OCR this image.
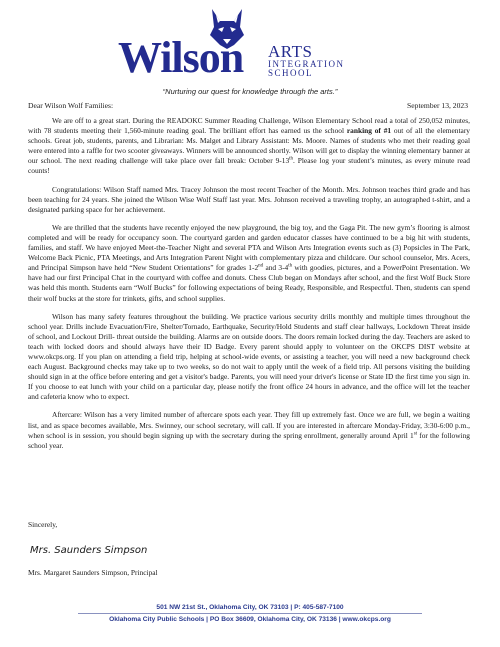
Wilson ARTS
INTEGRATION
SCHOOL
“Nurturing our quest for knowledge through the arts.”
Dear Wilson Wolf Families:	September 13, 2023

We are off to a great start. During the READOKC Summer Reading Challenge, Wilson Elementary School read a total of 250,052 minutes, with 78 students meeting their 1,560-minute reading goal. The brilliant effort has earned us the school ranking of #1 out of all the elementary schools. Great job, students, parents, and Librarian: Ms. Malget and Library Assistant: Ms. Moore. Names of students who met their reading goal were entered into a raffle for two scooter giveaways. Winners will be announced shortly. Wilson will get to display the winning elementary banner at our school. The next reading challenge will take place over fall break: October 9-13th. Please log your student’s minutes, as every minute read counts!

Congratulations: Wilson Staff named Mrs. Tracey Johnson the most recent Teacher of the Month. Mrs. Johnson teaches third grade and has been teaching for 24 years. She joined the Wilson Wise Wolf Staff last year. Mrs. Johnson received a traveling trophy, an autographed t-shirt, and a designated parking space for her achievement.

We are thrilled that the students have recently enjoyed the new playground, the big toy, and the Gaga Pit. The new gym’s flooring is almost completed and will be ready for occupancy soon. The courtyard garden and garden educator classes have continued to be a big hit with students, families, and staff. We have enjoyed Meet-the-Teacher Night and several PTA and Wilson Arts Integration events such as (3) Popsicles in The Park, Welcome Back Picnic, PTA Meetings, and Arts Integration Parent Night with complementary pizza and childcare. Our school counselor, Mrs. Acers, and Principal Simpson have held “New Student Orientations” for grades 1-2nd and 3-4th with goodies, pictures, and a PowerPoint Presentation. We have had our first Principal Chat in the courtyard with coffee and donuts. Chess Club began on Mondays after school, and the first Wolf Buck Store was held this month. Students earn “Wolf Bucks” for following expectations of being Ready, Responsible, and Respectful. Then, students can spend their wolf bucks at the store for trinkets, gifts, and school supplies.

Wilson has many safety features throughout the building. We practice various security drills monthly and multiple times throughout the school year. Drills include Evacuation/Fire, Shelter/Tornado, Earthquake, Security/Hold Students and staff clear hallways, Lockdown Threat inside of school, and Lockout Drill- threat outside the building. Alarms are on outside doors. The doors remain locked during the day. Teachers are asked to teach with locked doors and should always have their ID Badge. Every parent should apply to volunteer on the OKCPS DIST website at www.okcps.org. If you plan on attending a field trip, helping at school-wide events, or assisting a teacher, you will need a new background check each August. Background checks may take up to two weeks, so do not wait to apply until the week of a field trip. All persons visiting the building should sign in at the office before entering and get a visitor's badge. Parents, you will need your driver's license or State ID the first time you sign in. If you choose to eat lunch with your child on a particular day, please notify the front office 24 hours in advance, and the office will let the teacher and cafeteria know who to expect.

Aftercare: Wilson has a very limited number of aftercare spots each year. They fill up extremely fast. Once we are full, we begin a waiting list, and as space becomes available, Mrs. Swinney, our school secretary, will call. If you are interested in aftercare Monday-Friday, 3:30-6:00 p.m., when school is in session, you should begin signing up with the secretary during the spring enrollment, generally around April 1st for the following school year.

Sincerely,
Mrs. Saunders Simpson
Mrs. Margaret Saunders Simpson, Principal
501 NW 21st St., Oklahoma City, OK 73103 | P: 405-587-7100
Oklahoma City Public Schools | PO Box 36609, Oklahoma City, OK 73136 | www.okcps.org
